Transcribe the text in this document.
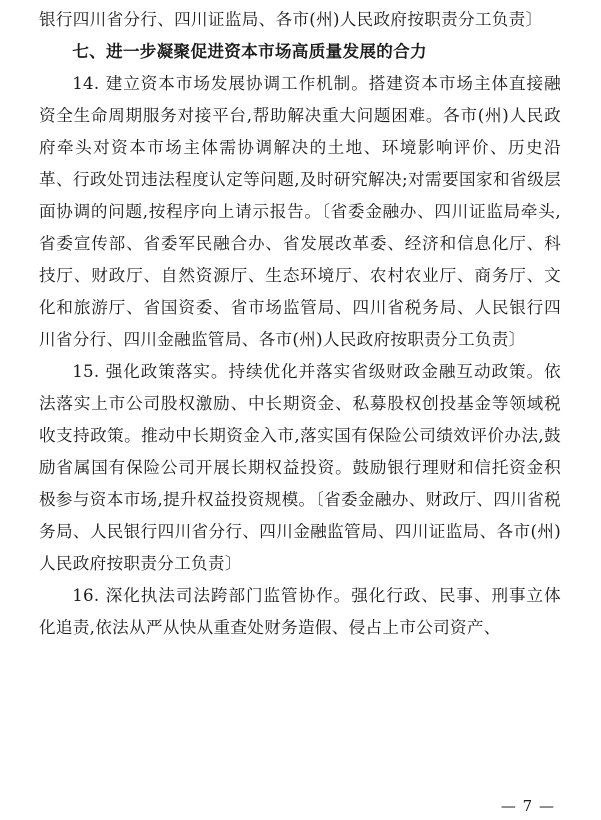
银行四川省分行、四川证监局、各市(州)人民政府按职责分工负责〕

七、进一步凝聚促进资本市场高质量发展的合力

14. 建立资本市场发展协调工作机制。搭建资本市场主体直接融资全生命周期服务对接平台,帮助解决重大问题困难。各市(州)人民政府牵头对资本市场主体需协调解决的土地、环境影响评价、历史沿革、行政处罚违法程度认定等问题,及时研究解决;对需要国家和省级层面协调的问题,按程序向上请示报告。〔省委金融办、四川证监局牵头,省委宣传部、省委军民融合办、省发展改革委、经济和信息化厅、科技厅、财政厅、自然资源厅、生态环境厅、农村农业厅、商务厅、文化和旅游厅、省国资委、省市场监管局、四川省税务局、人民银行四川省分行、四川金融监管局、各市(州)人民政府按职责分工负责〕

15. 强化政策落实。持续优化并落实省级财政金融互动政策。依法落实上市公司股权激励、中长期资金、私募股权创投基金等领域税收支持政策。推动中长期资金入市,落实国有保险公司绩效评价办法,鼓励省属国有保险公司开展长期权益投资。鼓励银行理财和信托资金积极参与资本市场,提升权益投资规模。〔省委金融办、财政厅、四川省税务局、人民银行四川省分行、四川金融监管局、四川证监局、各市(州)人民政府按职责分工负责〕

16. 深化执法司法跨部门监管协作。强化行政、民事、刑事立体化追责,依法从严从快从重查处财务造假、侵占上市公司资产、

— 7 —
